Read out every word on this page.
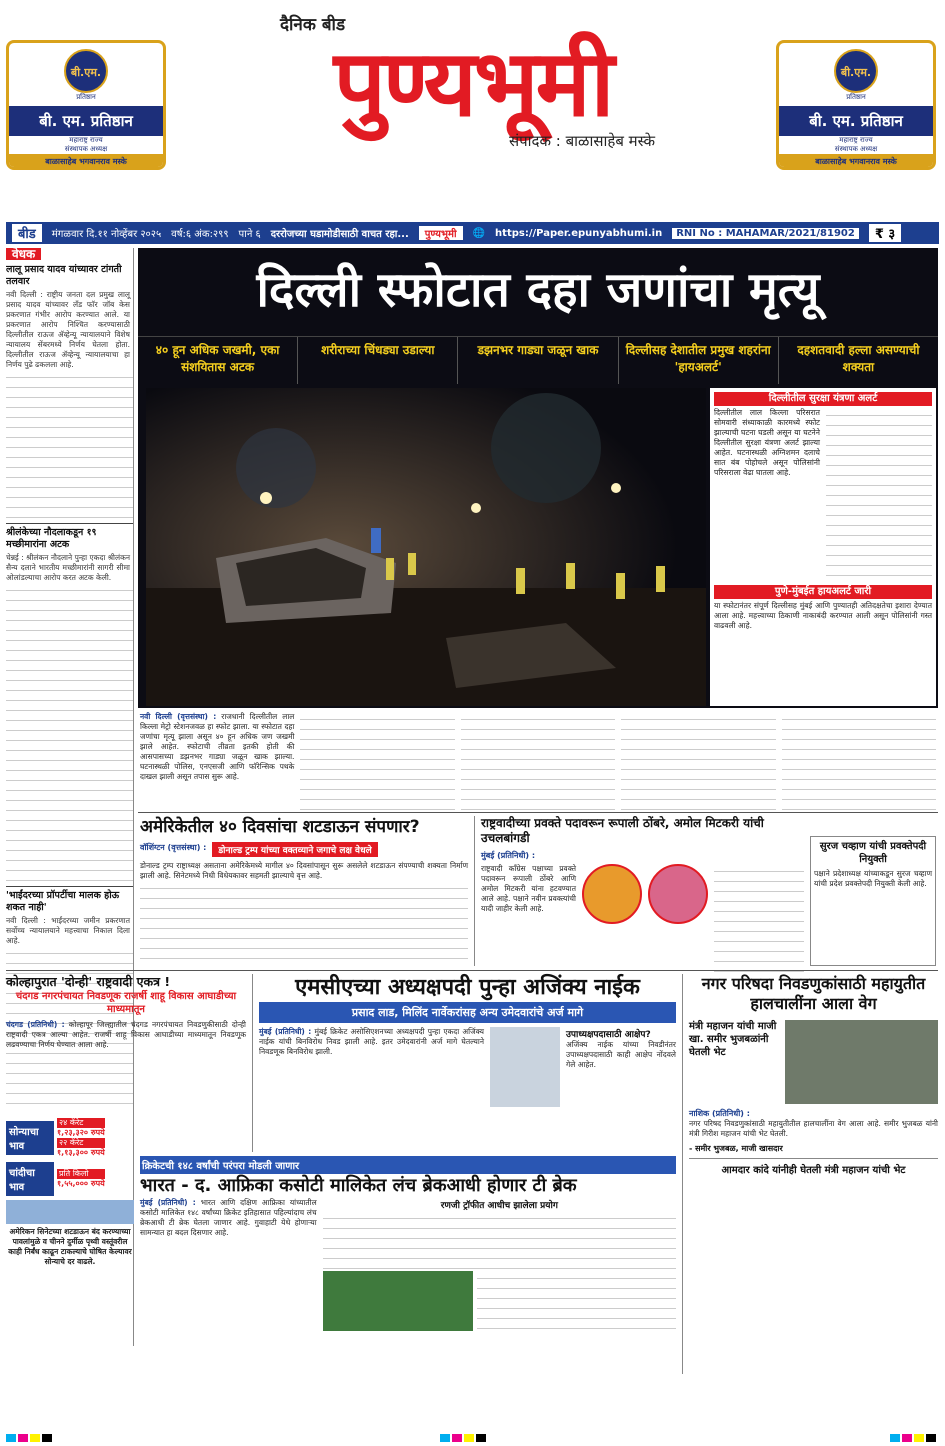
बी.एम.
प्रतिष्ठान
बी. एम. प्रतिष्ठान
महाराष्ट्र राज्य
संस्थापक अध्यक्ष
बाळासाहेब भगवानराव मस्के
बी.एम.
प्रतिष्ठान
बी. एम. प्रतिष्ठान
महाराष्ट्र राज्य
संस्थापक अध्यक्ष
बाळासाहेब भगवानराव मस्के
दैनिक बीड
पुण्यभूमी
संपादक : बाळासाहेब मस्के
बीड	मंगळवार दि.११ नोव्हेंबर २०२५ वर्ष:६ अंक:२९९ पाने ६ दररोजच्या घडामोडीसाठी वाचत रहा...	पुण्यभूमी	🌐 https://Paper.epunyabhumi.in	RNI No : MAHAMAR/2021/81902	₹ ३
वेधक
लालू प्रसाद यादव यांच्यावर टांगती तलवार
नवी दिल्ली : राष्ट्रीय जनता दल प्रमुख लालू प्रसाद यादव यांच्यावर लँड फॉर जॉब केस प्रकरणात गंभीर आरोप करण्यात आले. या प्रकरणात आरोप निश्चित करण्यासाठी दिल्लीतील राऊज ॲव्हेन्यू न्यायालयाने विशेष न्यायालय सेंबरमध्ये निर्णय घेतला होता. दिल्लीतील राऊज ॲव्हेन्यू न्यायालयाचा हा निर्णय पुढे ढकलला आहे.
श्रीलंकेच्या नौदलाकडून १९ मच्छीमारांना अटक
चेन्नई : श्रीलंकन नौदलाने पुन्हा एकदा श्रीलंकन सैन्य दलाने भारतीय मच्छीमारांनी सागरी सीमा ओलांडल्याचा आरोप करत अटक केली.
'भाईंदरच्या प्रॉपर्टीचा मालक होऊ शकत नाही'
नवी दिल्ली : भाईंदरच्या जमीन प्रकरणात सर्वोच्च न्यायालयाने महत्त्वाचा निकाल दिला आहे.
दिल्ली स्फोटात दहा जणांचा मृत्यू
४० हून अधिक जखमी, एका संशयितास अटक
शरीराच्या चिंधड्या उडाल्या	डझनभर गाड्या जळून खाक	दिल्लीसह देशातील प्रमुख शहरांना 'हायअलर्ट'
दहशतवादी हल्ला असण्याची शक्यता
दिल्लीतील सुरक्षा यंत्रणा अलर्ट
दिल्लीतील लाल किल्ला परिसरात सोमवारी संध्याकाळी कारमध्ये स्फोट झाल्याची घटना घडली असून या घटनेने दिल्लीतील सुरक्षा यंत्रणा अलर्ट झाल्या आहेत. घटनास्थळी अग्निशमन दलाचे सात बंब पोहोचले असून पोलिसांनी परिसराला वेढा घातला आहे.
पुणे-मुंबईत हायअलर्ट जारी
या स्फोटानंतर संपूर्ण दिल्लीसह मुंबई आणि पुण्यातही अतिदक्षतेचा इशारा देण्यात आला आहे. महत्त्वाच्या ठिकाणी नाकाबंदी करण्यात आली असून पोलिसांनी गस्त वाढवली आहे.
नवी दिल्ली (वृत्तसंस्था) : राजधानी दिल्लीतील लाल किल्ला मेट्रो स्टेशनजवळ हा स्फोट झाला. या स्फोटात दहा जणांचा मृत्यू झाला असून ४० हून अधिक जण जखमी झाले आहेत. स्फोटाची तीव्रता इतकी होती की आसपासच्या डझनभर गाड्या जळून खाक झाल्या. घटनास्थळी पोलिस, एनएसजी आणि फॉरेन्सिक पथके दाखल झाली असून तपास सुरू आहे.
अमेरिकेतील ४० दिवसांचा शटडाऊन संपणार?
वॉशिंग्टन (वृत्तसंस्था) :	डोनाल्ड ट्रम्प यांच्या वक्तव्याने जगाचे लक्ष वेधले
डोनाल्ड ट्रम्प राष्ट्राध्यक्ष असताना अमेरिकेमध्ये मागील ४० दिवसांपासून सुरू असलेले शटडाऊन संपण्याची शक्यता निर्माण झाली आहे. सिनेटमध्ये निधी विधेयकावर सहमती झाल्याचे वृत्त आहे.
राष्ट्रवादीच्या प्रवक्ते पदावरून रूपाली ठोंबरे, अमोल मिटकरी यांची उचलबांगडी
मुंबई (प्रतिनिधी) :
राष्ट्रवादी काँग्रेस पक्षाच्या प्रवक्ते पदावरून रूपाली ठोंबरे आणि अमोल मिटकरी यांना हटवण्यात आले आहे. पक्षाने नवीन प्रवक्त्यांची यादी जाहीर केली आहे.
सुरज चव्हाण यांची प्रवक्तेपदी नियुक्ती
पक्षाने प्रदेशाध्यक्ष यांच्याकडून सुरज चव्हाण यांची प्रदेश प्रवक्तेपदी नियुक्ती केली आहे.
कोल्हापुरात 'दोन्ही' राष्ट्रवादी एकत्र !
चंदगड नगरपंचायत निवडणूक राजर्षी शाहू विकास आघाडीच्या माध्यमातून
चंदगड (प्रतिनिधी) : कोल्हापूर जिल्ह्यातील चंदगड नगरपंचायत निवडणुकीसाठी दोन्ही राष्ट्रवादी एकत्र आल्या आहेत. राजर्षी शाहू विकास आघाडीच्या माध्यमातून निवडणूक लढवण्याचा निर्णय घेण्यात आला आहे.
एमसीएच्या अध्यक्षपदी पुन्हा अजिंक्य नाईक
प्रसाद लाड, मिलिंद नार्वेकरांसह अन्य उमेदवारांचे अर्ज मागे
मुंबई (प्रतिनिधी) : मुंबई क्रिकेट असोसिएशनच्या अध्यक्षपदी पुन्हा एकदा अजिंक्य नाईक यांची बिनविरोध निवड झाली आहे. इतर उमेदवारांनी अर्ज मागे घेतल्याने निवडणूक बिनविरोध झाली.
उपाध्यक्षपदासाठी आक्षेप?
अजिंक्य नाईक यांच्या निवडीनंतर उपाध्यक्षपदासाठी काही आक्षेप नोंदवले गेले आहेत.
नगर परिषदा निवडणुकांसाठी महायुतीत हालचालींना आला वेग
मंत्री महाजन यांची माजी खा. समीर भुजबळांनी घेतली भेट
नाशिक (प्रतिनिधी) :
नगर परिषद निवडणुकांसाठी महायुतीतील हालचालींना वेग आला आहे. समीर भुजबळ यांनी मंत्री गिरीश महाजन यांची भेट घेतली.
- समीर भुजबळ, माजी खासदार
आमदार कांदे यांनीही घेतली मंत्री महाजन यांची भेट
सोन्याचा भाव
२४ कॅरेट
१,२३,३२० रुपये
२२ कॅरेट
१,१३,३०० रुपये
चांदीचा भाव
प्रति किलो
१,५५,००० रुपये
अमेरिकन सिनेटच्या शटडाऊन बंद करण्याच्या पावलांमुळे व चीनने दुर्मीळ पृथ्वी वस्तूंवरील काही निर्बंध काढून टाकल्याचे घोषित केल्यावर सोन्याचे दर वाढले.
क्रिकेटची १४८ वर्षांची परंपरा मोडली जाणार
भारत - द. आफ्रिका कसोटी मालिकेत लंच ब्रेकआधी होणार टी ब्रेक
मुंबई (प्रतिनिधी) : भारत आणि दक्षिण आफ्रिका यांच्यातील कसोटी मालिकेत १४८ वर्षांच्या क्रिकेट इतिहासात पहिल्यांदाच लंच ब्रेकआधी टी ब्रेक घेतला जाणार आहे. गुवाहाटी येथे होणाऱ्या सामन्यात हा बदल दिसणार आहे.
रणजी ट्रॉफीत आधीच झालेला प्रयोग
